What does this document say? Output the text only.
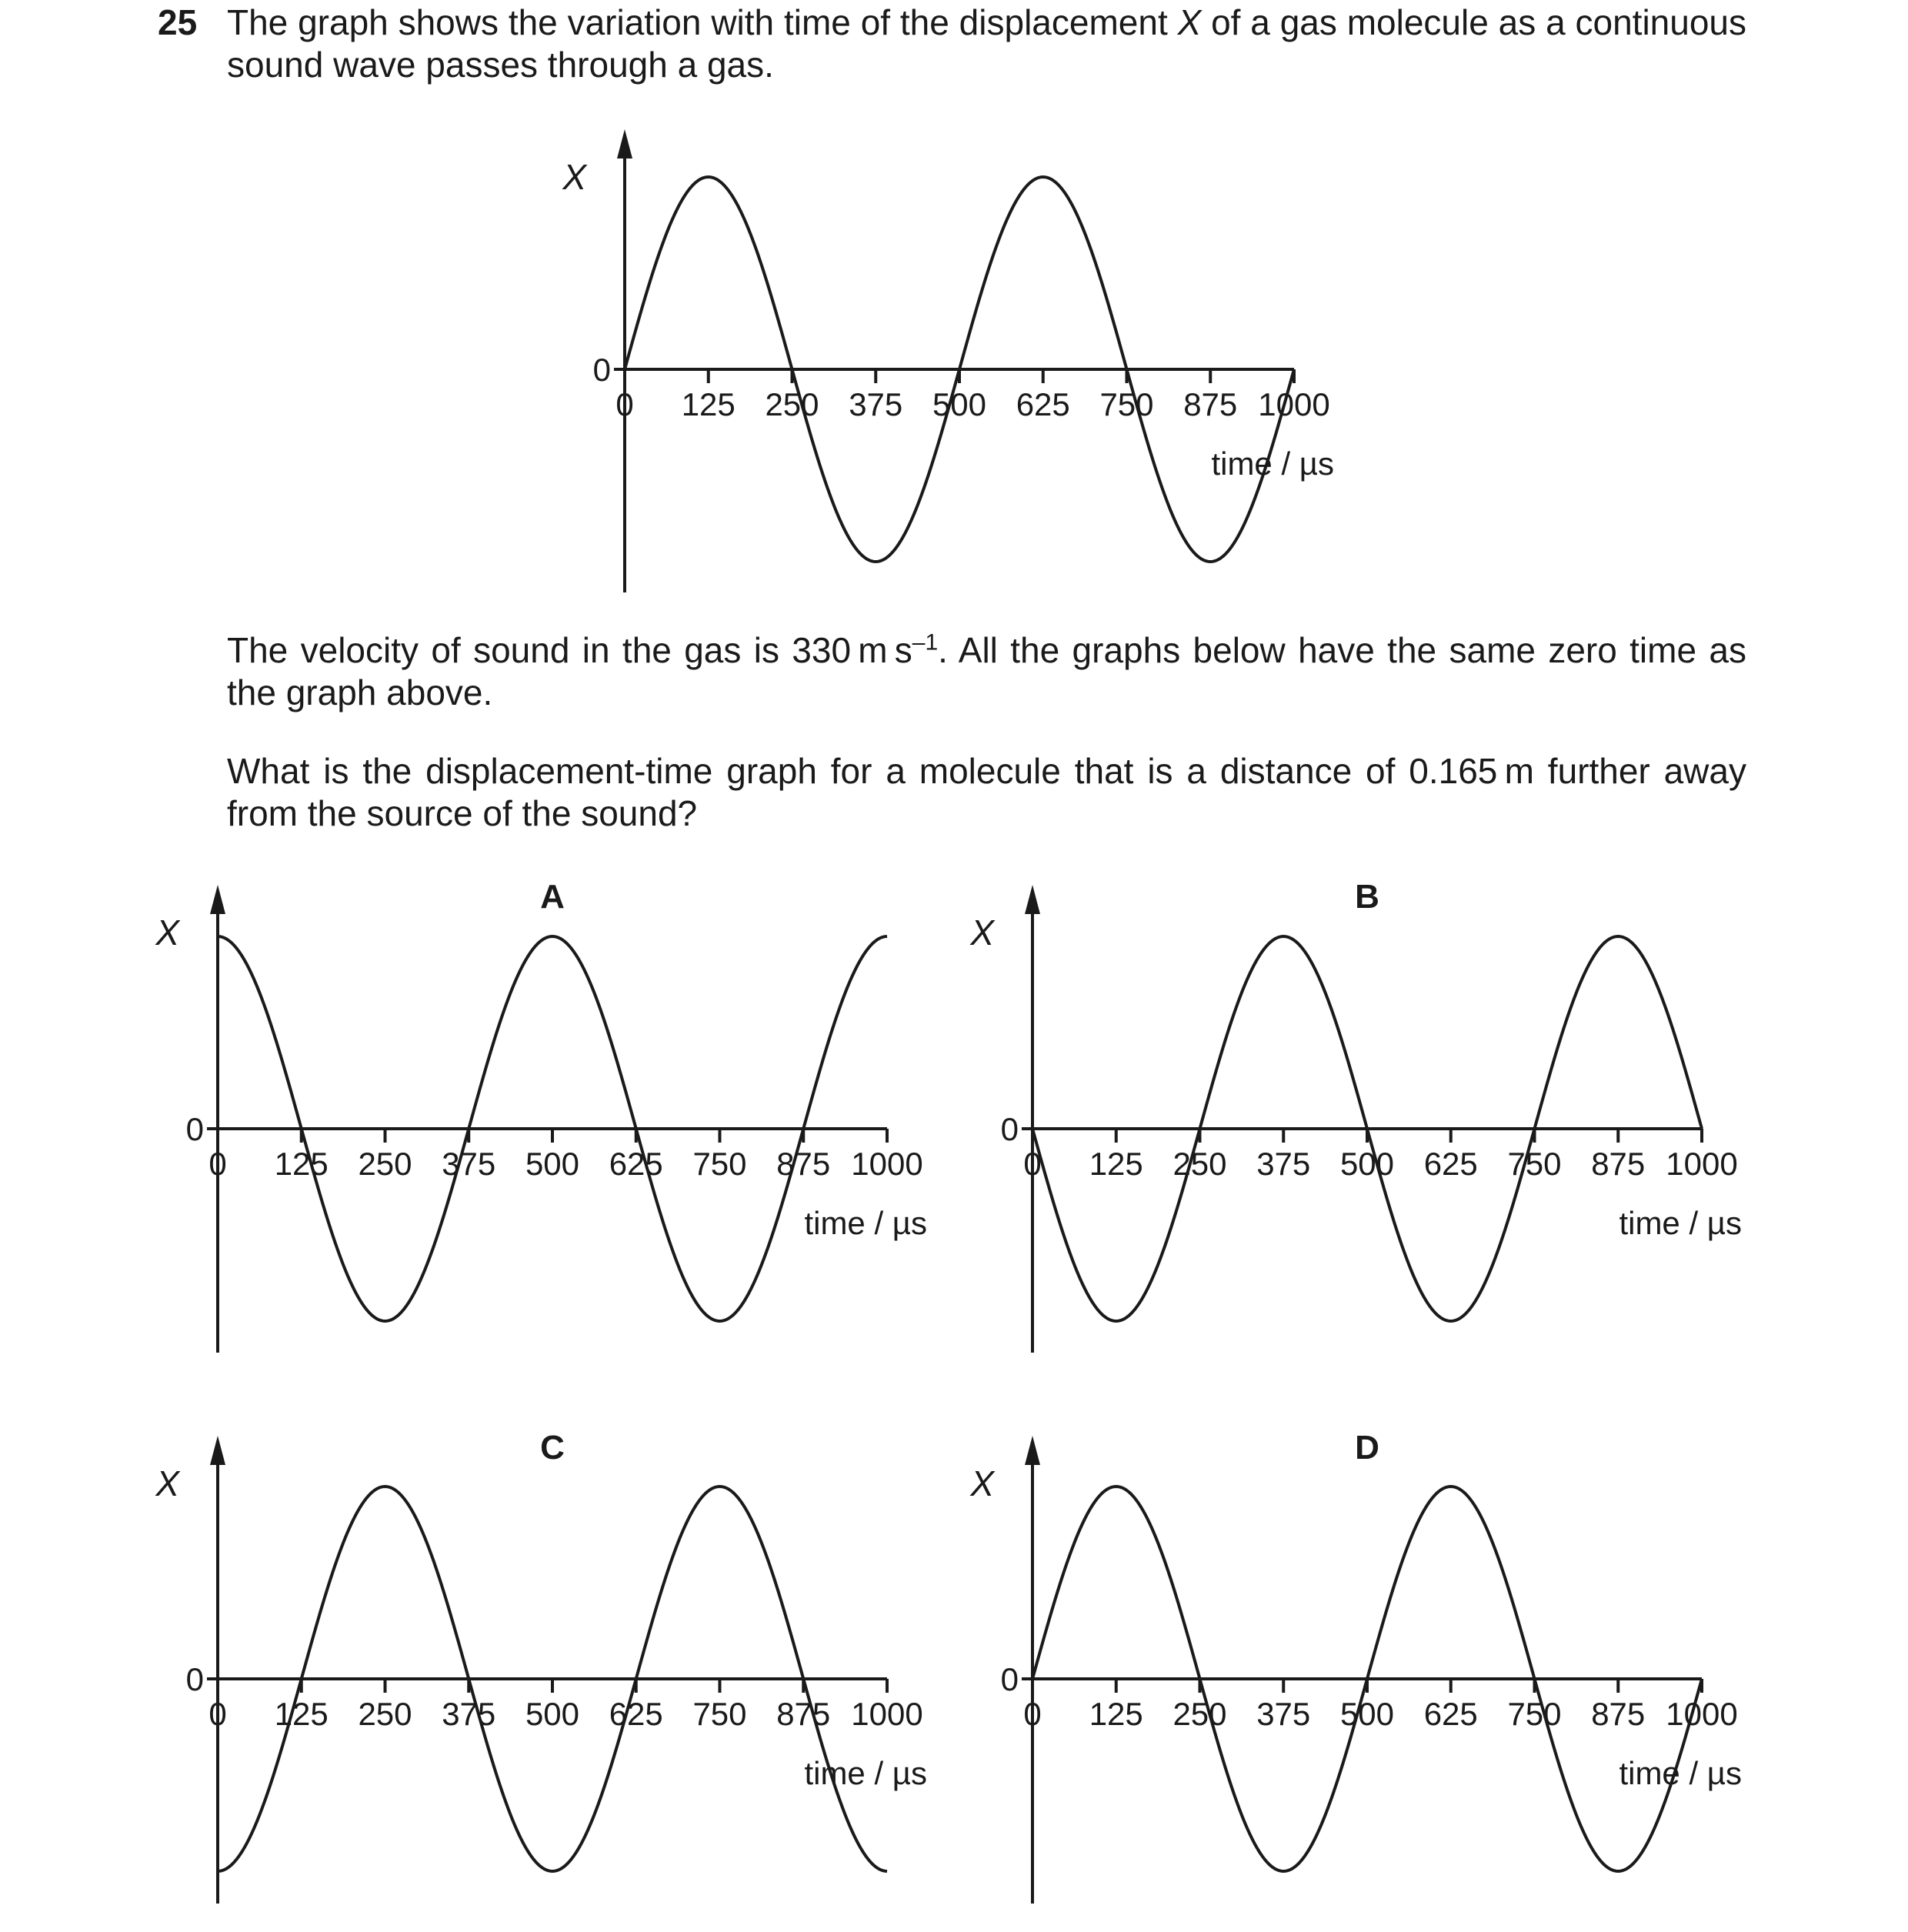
25 The graph shows the variation with time of the displacement X of a gas molecule as a continuous sound wave passes through a gas.

The velocity of sound in the gas is 330 m $s^{-1}$. All the graphs below have the same zero time as the graph above.

What is the displacement-time graph for a molecule that is a distance of 0.165 m further away from the source of the sound?

0 125 250 375 500 625 750 875 1000
0
X
time / µs
0 125 250 375 500 625 750 875 1000
0
X
time / µs
A
0 125 250 375 500 625 750 875 1000
0
X
time / µs
B
0 125 250 375 500 625 750 875 1000
0
X
time / µs
C
0 125 250 375 500 625 750 875 1000
0
X
time / µs
D
